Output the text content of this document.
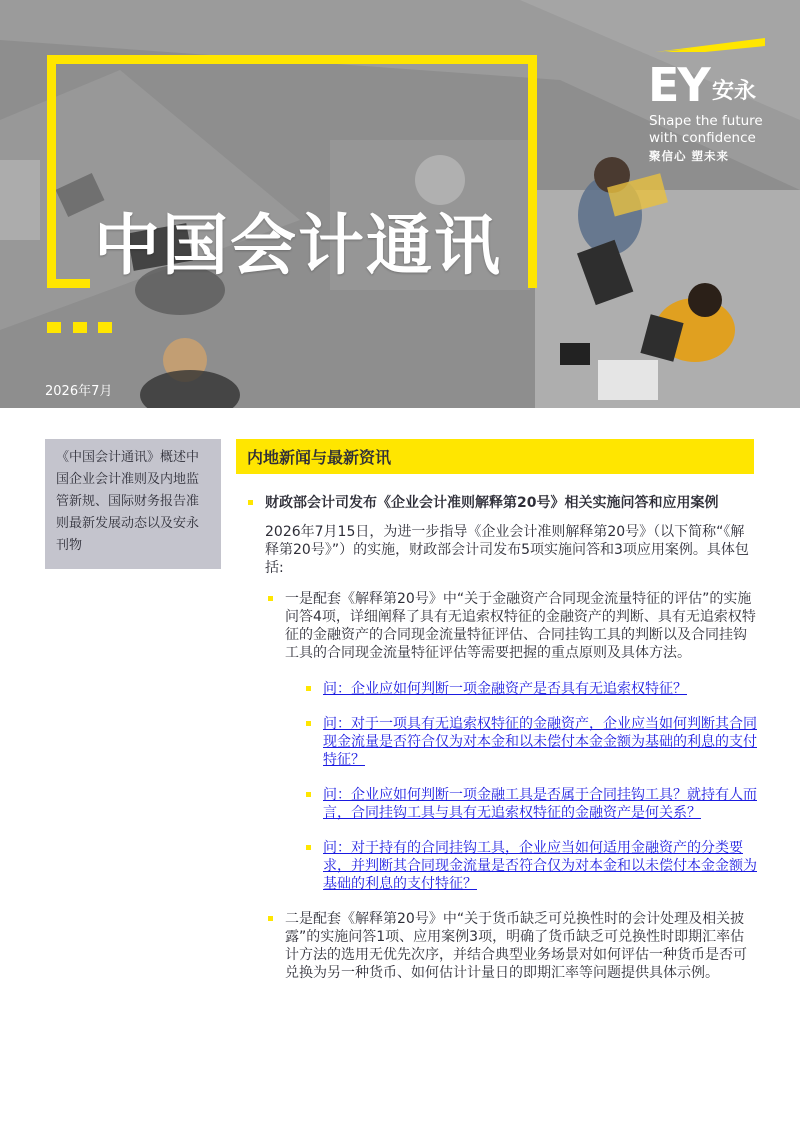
中国会计通讯
2026年7月
EY 安永
Shape the future
with confidence
聚信心 塑未来
《中国会计通讯》概述中国企业会计准则及内地监管新规、国际财务报告准则最新发展动态以及安永刊物
内地新闻与最新资讯
财政部会计司发布《企业会计准则解释第20号》相关实施问答和应用案例
2026年7月15日，为进一步指导《企业会计准则解释第20号》（以下简称“《解释第20号》”）的实施，财政部会计司发布5项实施问答和3项应用案例。具体包括:
一是配套《解释第20号》中“关于金融资产合同现金流量特征的评估”的实施问答4项，详细阐释了具有无追索权特征的金融资产的判断、具有无追索权特征的金融资产的合同现金流量特征评估、合同挂钩工具的判断以及合同挂钩工具的合同现金流量特征评估等需要把握的重点原则及具体方法。
问：企业应如何判断一项金融资产是否具有无追索权特征？
问：对于一项具有无追索权特征的金融资产，企业应当如何判断其合同现金流量是否符合仅为对本金和以未偿付本金金额为基础的利息的支付特征？
问：企业应如何判断一项金融工具是否属于合同挂钩工具？就持有人而言，合同挂钩工具与具有无追索权特征的金融资产是何关系？
问：对于持有的合同挂钩工具，企业应当如何适用金融资产的分类要求，并判断其合同现金流量是否符合仅为对本金和以未偿付本金金额为基础的利息的支付特征？
二是配套《解释第20号》中“关于货币缺乏可兑换性时的会计处理及相关披露”的实施问答1项、应用案例3项，明确了货币缺乏可兑换性时即期汇率估计方法的选用无优先次序，并结合典型业务场景对如何评估一种货币是否可兑换为另一种货币、如何估计计量日的即期汇率等问题提供具体示例。
